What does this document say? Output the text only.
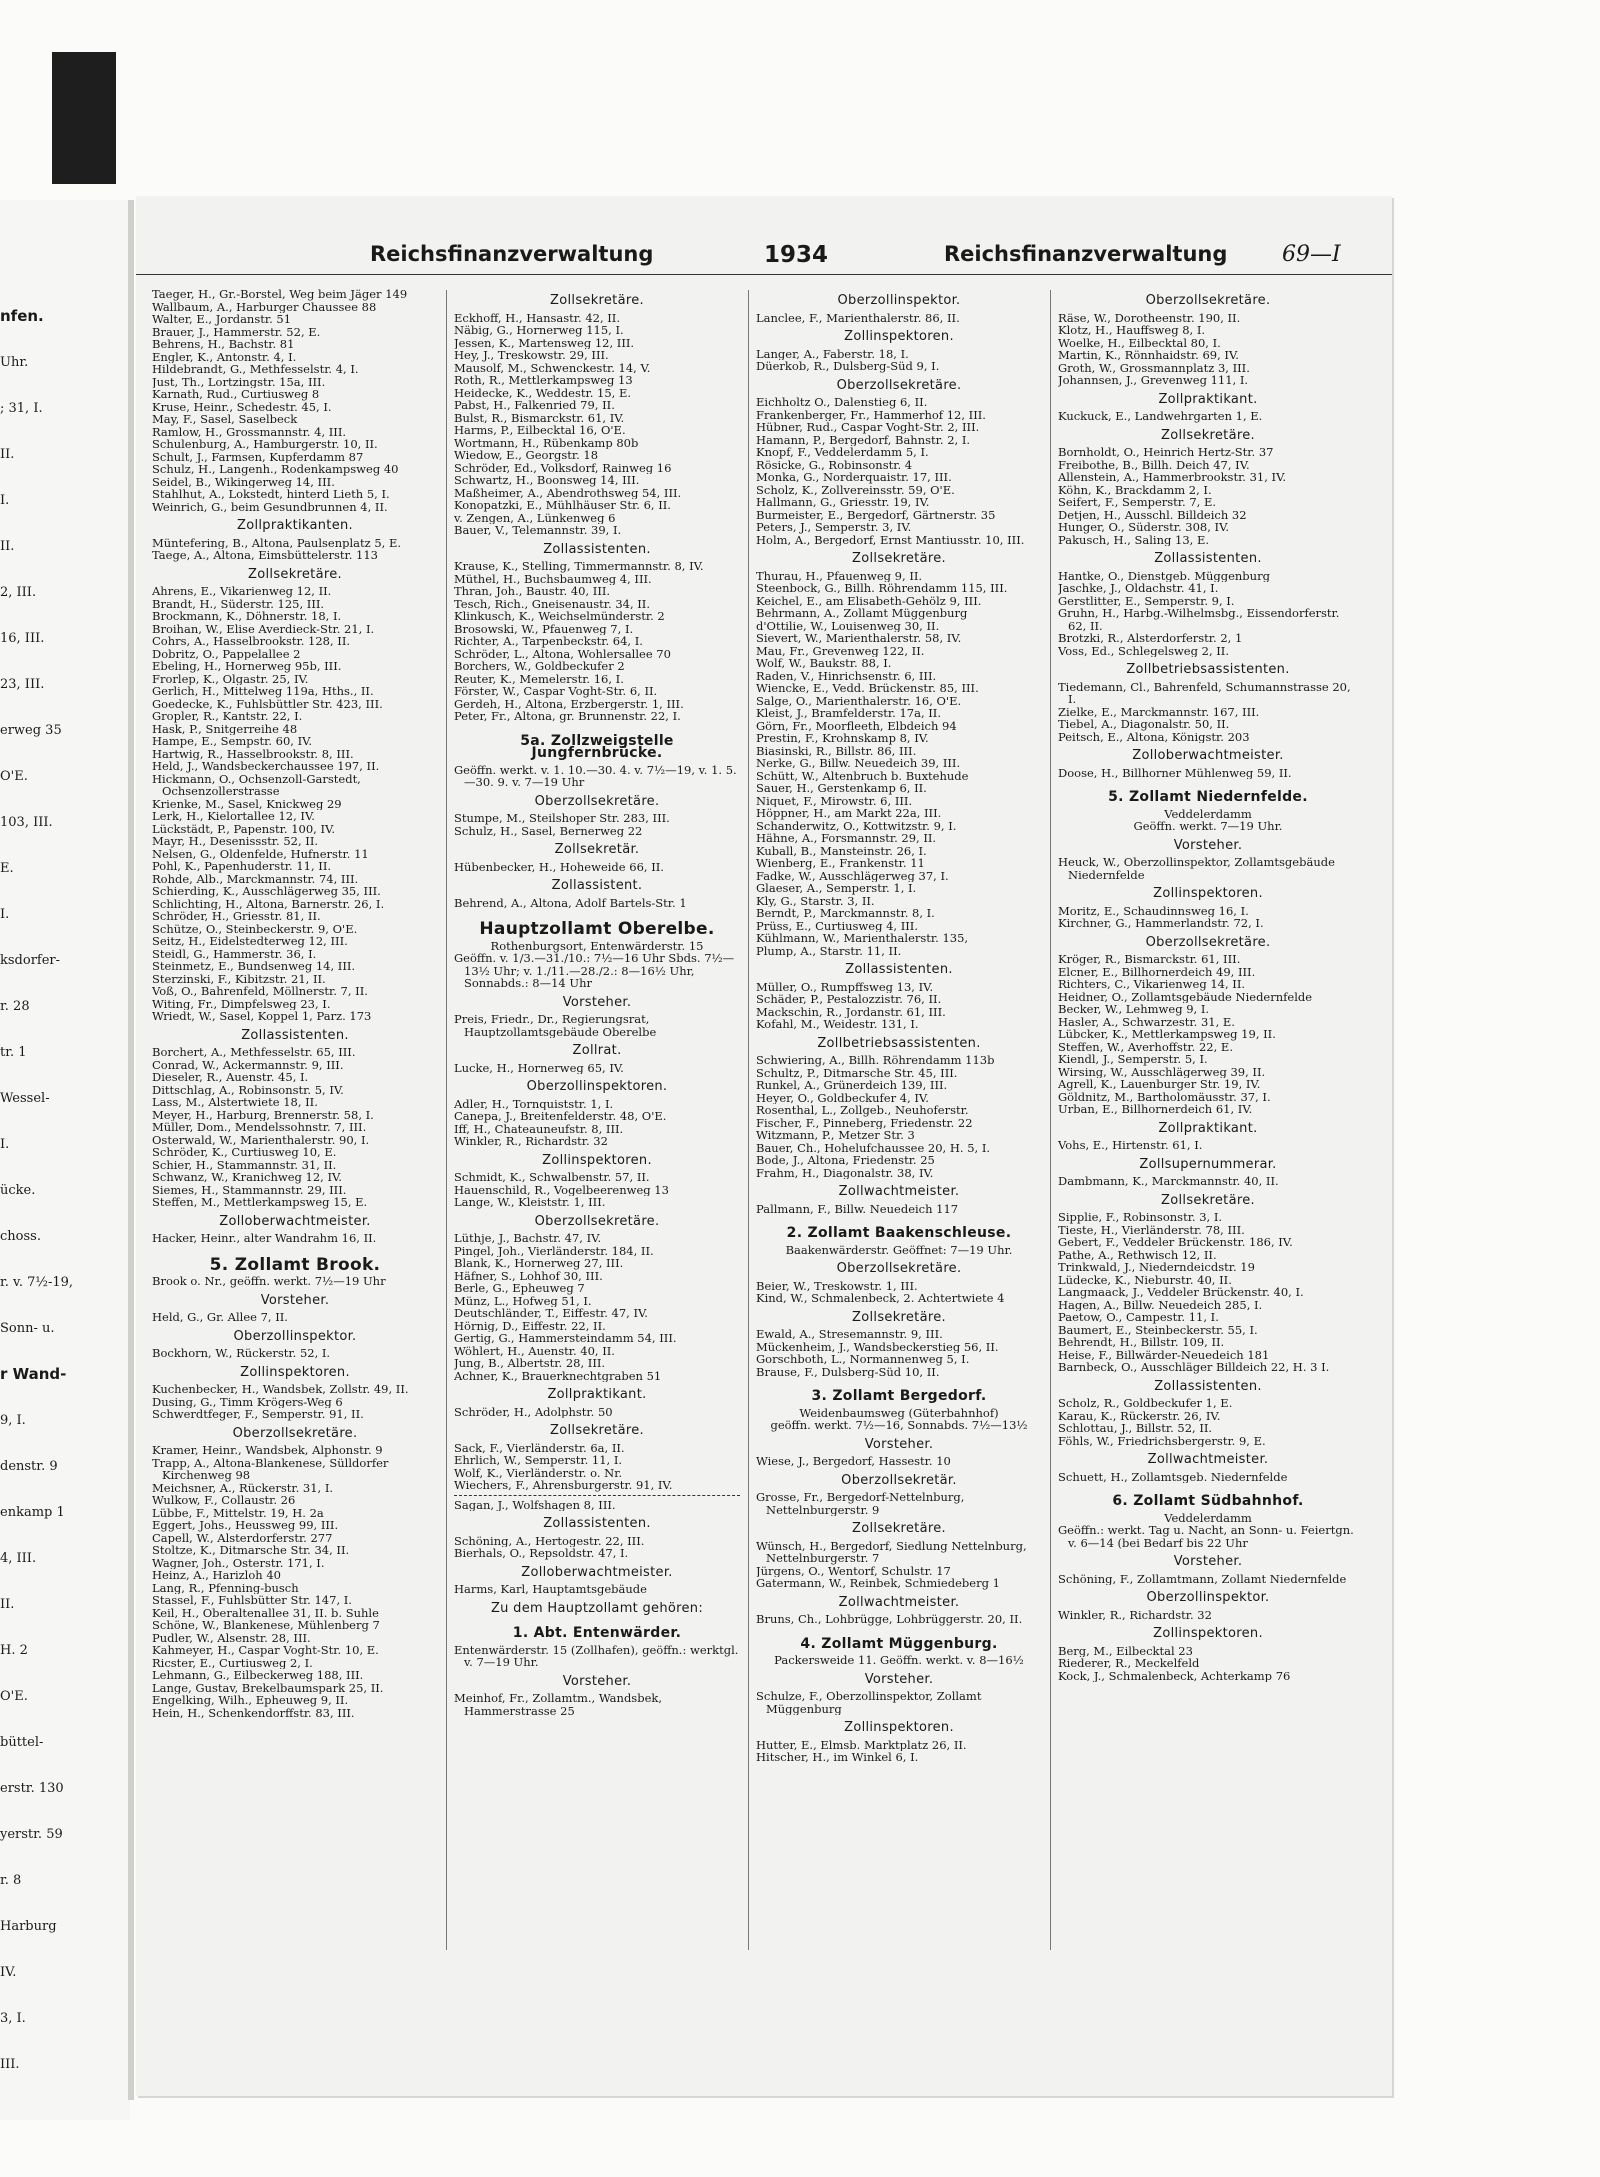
nfen.
Uhr.
; 31, I.
II.
I.
II.
2, III.
16, III.
23, III.
erweg 35
O'E.
103, III.
E.
I.
ksdorfer-
r. 28
tr. 1
Wessel-
I.
ücke.
choss.
r. v. 7½-19,
Sonn- u.
r Wand-
9, I.
denstr. 9
enkamp 1
4, III.
II.
H. 2
O'E.
büttel-
erstr. 130
yerstr. 59
r. 8
Harburg
IV.
3, I.
III.
Reichsfinanzverwaltung	1934	Reichsfinanzverwaltung 69—I
Taeger, H., Gr.-Borstel, Weg beim Jäger 149
Wallbaum, A., Harburger Chaussee 88
Walter, E., Jordanstr. 51
Brauer, J., Hammerstr. 52, E.
Behrens, H., Bachstr. 81
Engler, K., Antonstr. 4, I.
Hildebrandt, G., Methfesselstr. 4, I.
Just, Th., Lortzingstr. 15a, III.
Karnath, Rud., Curtiusweg 8
Kruse, Heinr., Schedestr. 45, I.
May, F., Sasel, Saselbeck
Ramlow, H., Grossmannstr. 4, III.
Schulenburg, A., Hamburgerstr. 10, II.
Schult, J., Farmsen, Kupferdamm 87
Schulz, H., Langenh., Rodenkampsweg 40
Seidel, B., Wikingerweg 14, III.
Stahlhut, A., Lokstedt, hinterd Lieth 5, I.
Weinrich, G., beim Gesundbrunnen 4, II.
Zollpraktikanten.
Müntefering, B., Altona, Paulsenplatz 5, E.
Taege, A., Altona, Eimsbüttelerstr. 113
Zollsekretäre.
Ahrens, E., Vikarienweg 12, II.
Brandt, H., Süderstr. 125, III.
Brockmann, K., Döhnerstr. 18, I.
Broihan, W., Elise Averdieck-Str. 21, I.
Cohrs, A., Hasselbrookstr. 128, II.
Dobritz, O., Pappelallee 2
Ebeling, H., Hornerweg 95b, III.
Frorlep, K., Olgastr. 25, IV.
Gerlich, H., Mittelweg 119a, Hths., II.
Goedecke, K., Fuhlsbüttler Str. 423, III.
Gropler, R., Kantstr. 22, I.
Hask, P., Snitgerreihe 48
Hampe, E., Sempstr. 60, IV.
Hartwig, R., Hasselbrookstr. 8, III.
Held, J., Wandsbeckerchaussee 197, II.
Hickmann, O., Ochsenzoll-Garstedt, Ochsenzollerstrasse
Krienke, M., Sasel, Knickweg 29
Lerk, H., Kielortallee 12, IV.
Lückstädt, P., Papenstr. 100, IV.
Mayr, H., Desenissstr. 52, II.
Nelsen, G., Oldenfelde, Hufnerstr. 11
Pohl, K., Papenhuderstr. 11, II.
Rohde, Alb., Marckmannstr. 74, III.
Schierding, K., Ausschlägerweg 35, III.
Schlichting, H., Altona, Barnerstr. 26, I.
Schröder, H., Griesstr. 81, II.
Schütze, O., Steinbeckerstr. 9, O'E.
Seitz, H., Eidelstedterweg 12, III.
Steidl, G., Hammerstr. 36, I.
Steinmetz, E., Bundsenweg 14, III.
Sterzinski, F., Kibitzstr. 21, II.
Voß, O., Bahrenfeld, Möllnerstr. 7, II.
Witing, Fr., Dimpfelsweg 23, I.
Wriedt, W., Sasel, Koppel 1, Parz. 173
Zollassistenten.
Borchert, A., Methfesselstr. 65, III.
Conrad, W., Ackermannstr. 9, III.
Dieseler, R., Auenstr. 45, I.
Dittschlag, A., Robinsonstr. 5, IV.
Lass, M., Alstertwiete 18, II.
Meyer, H., Harburg, Brennerstr. 58, I.
Müller, Dom., Mendelssohnstr. 7, III.
Osterwald, W., Marienthalerstr. 90, I.
Schröder, K., Curtiusweg 10, E.
Schier, H., Stammannstr. 31, II.
Schwanz, W., Kranichweg 12, IV.
Siemes, H., Stammannstr. 29, III.
Steffen, M., Mettlerkampsweg 15, E.
Zolloberwachtmeister.
Hacker, Heinr., alter Wandrahm 16, II.
5. Zollamt Brook.
Brook o. Nr., geöffn. werkt. 7½—19 Uhr
Vorsteher.
Held, G., Gr. Allee 7, II.
Oberzollinspektor.
Bockhorn, W., Rückerstr. 52, I.
Zollinspektoren.
Kuchenbecker, H., Wandsbek, Zollstr. 49, II.
Dusing, G., Timm Krögers-Weg 6
Schwerdtfeger, F., Semperstr. 91, II.
Oberzollsekretäre.
Kramer, Heinr., Wandsbek, Alphonstr. 9
Trapp, A., Altona-Blankenese, Sülldorfer Kirchenweg 98
Meichsner, A., Rückerstr. 31, I.
Wulkow, F., Collaustr. 26
Lübbe, F., Mittelstr. 19, H. 2a
Eggert, Johs., Heussweg 99, III.
Capell, W., Alsterdorferstr. 277
Stoltze, K., Ditmarsche Str. 34, II.
Wagner, Joh., Osterstr. 171, I.
Heinz, A., Harizloh 40
Lang, R., Pfenning-busch
Stassel, F., Fuhlsbütter Str. 147, I.
Keil, H., Oberaltenallee 31, II. b. Suhle
Schöne, W., Blankenese, Mühlenberg 7
Pudler, W., Alsenstr. 28, III.
Kahmeyer, H., Caspar Voght-Str. 10, E.
Ricster, E., Curtiusweg 2, I.
Lehmann, G., Eilbeckerweg 188, III.
Lange, Gustav, Brekelbaumspark 25, II.
Engelking, Wilh., Epheuweg 9, II.
Hein, H., Schenkendorffstr. 83, III.
Zollsekretäre.
Eckhoff, H., Hansastr. 42, II.
Näbig, G., Hornerweg 115, I.
Jessen, K., Martensweg 12, III.
Hey, J., Treskowstr. 29, III.
Mausolf, M., Schwenckestr. 14, V.
Roth, R., Mettlerkampsweg 13
Heidecke, K., Weddestr. 15, E.
Pabst, H., Falkenried 79, II.
Bulst, R., Bismarckstr. 61, IV.
Harms, P., Eilbecktal 16, O'E.
Wortmann, H., Rübenkamp 80b
Wiedow, E., Georgstr. 18
Schröder, Ed., Volksdorf, Rainweg 16
Schwartz, H., Boonsweg 14, III.
Maßheimer, A., Abendrothsweg 54, III.
Konopatzki, E., Mühlhäuser Str. 6, II.
v. Zengen, A., Lünkenweg 6
Bauer, V., Telemannstr. 39, I.
Zollassistenten.
Krause, K., Stelling, Timmermannstr. 8, IV.
Müthel, H., Buchsbaumweg 4, III.
Thran, Joh., Baustr. 40, III.
Tesch, Rich., Gneisenaustr. 34, II.
Klinkusch, K., Weichselmünderstr. 2
Brosowski, W., Pfauenweg 7, I.
Richter, A., Tarpenbeckstr. 64, I.
Schröder, L., Altona, Wohlersallee 70
Borchers, W., Goldbeckufer 2
Reuter, K., Memelerstr. 16, I.
Förster, W., Caspar Voght-Str. 6, II.
Gerdeh, H., Altona, Erzbergerstr. 1, III.
Peter, Fr., Altona, gr. Brunnenstr. 22, I.
5a. Zollzweigstelle Jungfernbrücke.
Geöffn. werkt. v. 1. 10.—30. 4. v. 7½—19, v. 1. 5.—30. 9. v. 7—19 Uhr
Oberzollsekretäre.
Stumpe, M., Steilshoper Str. 283, III.
Schulz, H., Sasel, Bernerweg 22
Zollsekretär.
Hübenbecker, H., Hoheweide 66, II.
Zollassistent.
Behrend, A., Altona, Adolf Bartels-Str. 1
Hauptzollamt Oberelbe.
Rothenburgsort, Entenwärderstr. 15
Geöffn. v. 1/3.—31./10.: 7½—16 Uhr Sbds. 7½—13½ Uhr; v. 1./11.—28./2.: 8—16½ Uhr, Sonnabds.: 8—14 Uhr
Vorsteher.
Preis, Friedr., Dr., Regierungsrat, Hauptzollamtsgebäude Oberelbe
Zollrat.
Lucke, H., Hornerweg 65, IV.
Oberzollinspektoren.
Adler, H., Tornquiststr. 1, I.
Canepa, J., Breitenfelderstr. 48, O'E.
Iff, H., Chateauneufstr. 8, III.
Winkler, R., Richardstr. 32
Zollinspektoren.
Schmidt, K., Schwalbenstr. 57, II.
Hauenschild, R., Vogelbeerenweg 13
Lange, W., Kleiststr. 1, III.
Oberzollsekretäre.
Lüthje, J., Bachstr. 47, IV.
Pingel, Joh., Vierländerstr. 184, II.
Blank, K., Hornerweg 27, III.
Häfner, S., Lohhof 30, III.
Berle, G., Epheuweg 7
Münz, L., Hofweg 51, I.
Deutschländer, T., Eiffestr. 47, IV.
Hörnig, D., Eiffestr. 22, II.
Gertig, G., Hammersteindamm 54, III.
Wöhlert, H., Auenstr. 40, II.
Jung, B., Albertstr. 28, III.
Achner, K., Brauerknechtgraben 51
Zollpraktikant.
Schröder, H., Adolphstr. 50
Zollsekretäre.
Sack, F., Vierländerstr. 6a, II.
Ehrlich, W., Semperstr. 11, I.
Wolf, K., Vierländerstr. o. Nr.
Wiechers, F., Ahrensburgerstr. 91, IV.
Sagan, J., Wolfshagen 8, III.
Zollassistenten.
Schöning, A., Hertogestr. 22, III.
Bierhals, O., Repsoldstr. 47, I.
Zolloberwachtmeister.
Harms, Karl, Hauptamtsgebäude
Zu dem Hauptzollamt gehören:
1. Abt. Entenwärder.
Entenwärderstr. 15 (Zollhafen), geöffn.: werktgl. v. 7—19 Uhr.
Vorsteher.
Meinhof, Fr., Zollamtm., Wandsbek, Hammerstrasse 25
Oberzollinspektor.
Lanclee, F., Marienthalerstr. 86, II.
Zollinspektoren.
Langer, A., Faberstr. 18, I.
Düerkob, R., Dulsberg-Süd 9, I.
Oberzollsekretäre.
Eichholtz O., Dalenstieg 6, II.
Frankenberger, Fr., Hammerhof 12, III.
Hübner, Rud., Caspar Voght-Str. 2, III.
Hamann, P., Bergedorf, Bahnstr. 2, I.
Knopf, F., Veddelerdamm 5, I.
Rösicke, G., Robinsonstr. 4
Monka, G., Norderquaistr. 17, III.
Scholz, K., Zollvereinsstr. 59, O'E.
Hallmann, G., Griesstr. 19, IV.
Burmeister, E., Bergedorf, Gärtnerstr. 35
Peters, J., Semperstr. 3, IV.
Holm, A., Bergedorf, Ernst Mantiusstr. 10, III.
Zollsekretäre.
Thurau, H., Pfauenweg 9, II.
Steenbock, G., Billh. Röhrendamm 115, III.
Keichel, E., am Elisabeth-Gehölz 9, III.
Behrmann, A., Zollamt Müggenburg
d'Ottilie, W., Louisenweg 30, II.
Sievert, W., Marienthalerstr. 58, IV.
Mau, Fr., Grevenweg 122, II.
Wolf, W., Baukstr. 88, I.
Raden, V., Hinrichsenstr. 6, III.
Wiencke, E., Vedd. Brückenstr. 85, III.
Salge, O., Marienthalerstr. 16, O'E.
Kleist, J., Bramfelderstr. 17a, II.
Görn, Fr., Moorfleeth, Elbdeich 94
Prestin, F., Krohnskamp 8, IV.
Biasinski, R., Billstr. 86, III.
Nerke, G., Billw. Neuedeich 39, III.
Schütt, W., Altenbruch b. Buxtehude
Sauer, H., Gerstenkamp 6, II.
Niquet, F., Mirowstr. 6, III.
Höppner, H., am Markt 22a, III.
Schanderwitz, O., Kottwitzstr. 9, I.
Hähne, A., Forsmannstr. 29, II.
Kuball, B., Mansteinstr. 26, I.
Wienberg, E., Frankenstr. 11
Fadke, W., Ausschlägerweg 37, I.
Glaeser, A., Semperstr. 1, I.
Kly, G., Starstr. 3, II.
Berndt, P., Marckmannstr. 8, I.
Prüss, E., Curtiusweg 4, III.
Kühlmann, W., Marienthalerstr. 135,
Plump, A., Starstr. 11, II.
Zollassistenten.
Müller, O., Rumpffsweg 13, IV.
Schäder, P., Pestalozzistr. 76, II.
Mackschin, R., Jordanstr. 61, III.
Kofahl, M., Weidestr. 131, I.
Zollbetriebsassistenten.
Schwiering, A., Billh. Röhrendamm 113b
Schultz, P., Ditmarsche Str. 45, III.
Runkel, A., Grünerdeich 139, III.
Heyer, O., Goldbeckufer 4, IV.
Rosenthal, L., Zollgeb., Neuhoferstr.
Fischer, F., Pinneberg, Friedenstr. 22
Witzmann, P., Metzer Str. 3
Bauer, Ch., Hohelufchaussee 20, H. 5, I.
Bode, J., Altona, Friedenstr. 25
Frahm, H., Diagonalstr. 38, IV.
Zollwachtmeister.
Pallmann, F., Billw. Neuedeich 117
2. Zollamt Baakenschleuse.
Baakenwärderstr. Geöffnet: 7—19 Uhr.
Oberzollsekretäre.
Beier, W., Treskowstr. 1, III.
Kind, W., Schmalenbeck, 2. Achtertwiete 4
Zollsekretäre.
Ewald, A., Stresemannstr. 9, III.
Mückenheim, J., Wandsbeckerstieg 56, II.
Gorschboth, L., Normannenweg 5, I.
Brause, F., Dulsberg-Süd 10, II.
3. Zollamt Bergedorf.
Weidenbaumsweg (Güterbahnhof)
geöffn. werkt. 7½—16, Sonnabds. 7½—13½
Vorsteher.
Wiese, J., Bergedorf, Hassestr. 10
Oberzollsekretär.
Grosse, Fr., Bergedorf-Nettelnburg, Nettelnburgerstr. 9
Zollsekretäre.
Wünsch, H., Bergedorf, Siedlung Nettelnburg, Nettelnburgerstr. 7
Jürgens, O., Wentorf, Schulstr. 17
Gatermann, W., Reinbek, Schmiedeberg 1
Zollwachtmeister.
Bruns, Ch., Lohbrügge, Lohbrüggerstr. 20, II.
4. Zollamt Müggenburg.
Packersweide 11. Geöffn. werkt. v. 8—16½
Vorsteher.
Schulze, F., Oberzollinspektor, Zollamt Müggenburg
Zollinspektoren.
Hutter, E., Elmsb. Marktplatz 26, II.
Hitscher, H., im Winkel 6, I.
Oberzollsekretäre.
Räse, W., Dorotheenstr. 190, II.
Klotz, H., Hauffsweg 8, I.
Woelke, H., Eilbecktal 80, I.
Martin, K., Rönnhaidstr. 69, IV.
Groth, W., Grossmannplatz 3, III.
Johannsen, J., Grevenweg 111, I.
Zollpraktikant.
Kuckuck, E., Landwehrgarten 1, E.
Zollsekretäre.
Bornholdt, O., Heinrich Hertz-Str. 37
Freibothe, B., Billh. Deich 47, IV.
Allenstein, A., Hammerbrookstr. 31, IV.
Köhn, K., Brackdamm 2, I.
Seifert, F., Semperstr. 7, E.
Detjen, H., Ausschl. Billdeich 32
Hunger, O., Süderstr. 308, IV.
Pakusch, H., Saling 13, E.
Zollassistenten.
Hantke, O., Dienstgeb. Müggenburg
Jaschke, J., Oldachstr. 41, I.
Gerstlitter, E., Semperstr. 9, I.
Gruhn, H., Harbg.-Wilhelmsbg., Eissendorferstr. 62, II.
Brotzki, R., Alsterdorferstr. 2, 1
Voss, Ed., Schlegelsweg 2, II.
Zollbetriebsassistenten.
Tiedemann, Cl., Bahrenfeld, Schumannstrasse 20, I.
Zielke, E., Marckmannstr. 167, III.
Tiebel, A., Diagonalstr. 50, II.
Peitsch, E., Altona, Königstr. 203
Zolloberwachtmeister.
Doose, H., Billhorner Mühlenweg 59, II.
5. Zollamt Niedernfelde.
Veddelerdamm
Geöffn. werkt. 7—19 Uhr.
Vorsteher.
Heuck, W., Oberzollinspektor, Zollamtsgebäude Niedernfelde
Zollinspektoren.
Moritz, E., Schaudinnsweg 16, I.
Kirchner, G., Hammerlandstr. 72, I.
Oberzollsekretäre.
Kröger, R., Bismarckstr. 61, III.
Elcner, E., Billhornerdeich 49, III.
Richters, C., Vikarienweg 14, II.
Heidner, O., Zollamtsgebäude Niedernfelde
Becker, W., Lehmweg 9, I.
Hasler, A., Schwarzestr. 31, E.
Lübcker, K., Mettlerkampsweg 19, II.
Steffen, W., Averhoffstr. 22, E.
Kiendl, J., Semperstr. 5, I.
Wirsing, W., Ausschlägerweg 39, II.
Agrell, K., Lauenburger Str. 19, IV.
Göldnitz, M., Bartholomäusstr. 37, I.
Urban, E., Billhornerdeich 61, IV.
Zollpraktikant.
Vohs, E., Hirtenstr. 61, I.
Zollsupernummerar.
Dambmann, K., Marckmannstr. 40, II.
Zollsekretäre.
Sipplie, F., Robinsonstr. 3, I.
Tieste, H., Vierländerstr. 78, III.
Gebert, F., Veddeler Brückenstr. 186, IV.
Pathe, A., Rethwisch 12, II.
Trinkwald, J., Niederndeicdstr. 19
Lüdecke, K., Nieburstr. 40, II.
Langmaack, J., Veddeler Brückenstr. 40, I.
Hagen, A., Billw. Neuedeich 285, I.
Paetow, O., Campestr. 11, I.
Baumert, E., Steinbeckerstr. 55, I.
Behrendt, H., Billstr. 109, II.
Heise, F., Billwärder-Neuedeich 181
Barnbeck, O., Ausschläger Billdeich 22, H. 3 I.
Zollassistenten.
Scholz, R., Goldbeckufer 1, E.
Karau, K., Rückerstr. 26, IV.
Schlottau, J., Billstr. 52, II.
Föhls, W., Friedrichsbergerstr. 9, E.
Zollwachtmeister.
Schuett, H., Zollamtsgeb. Niedernfelde
6. Zollamt Südbahnhof.
Veddelerdamm
Geöffn.: werkt. Tag u. Nacht, an Sonn- u. Feiertgn. v. 6—14 (bei Bedarf bis 22 Uhr
Vorsteher.
Schöning, F., Zollamtmann, Zollamt Niedernfelde
Oberzollinspektor.
Winkler, R., Richardstr. 32
Zollinspektoren.
Berg, M., Eilbecktal 23
Riederer, R., Meckelfeld
Kock, J., Schmalenbeck, Achterkamp 76
